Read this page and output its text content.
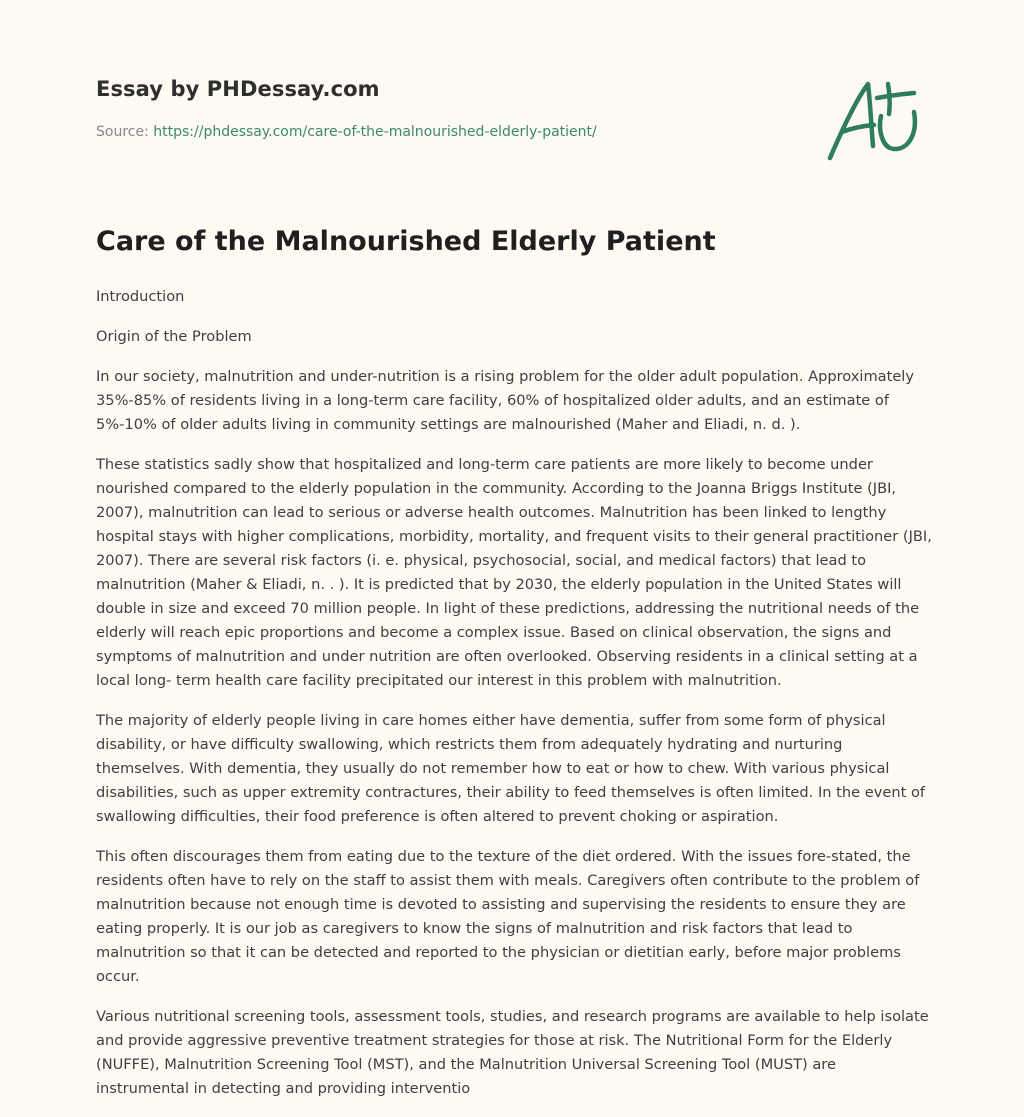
Essay by PHDessay.com
Source: https://phdessay.com/care-of-the-malnourished-elderly-patient/
Care of the Malnourished Elderly Patient

Introduction

Origin of the Problem

In our society, malnutrition and under-nutrition is a rising problem for the older adult population. Approximately 35%-85% of residents living in a long-term care facility, 60% of hospitalized older adults, and an estimate of 5%-10% of older adults living in community settings are malnourished (Maher and Eliadi, n. d. ).

These statistics sadly show that hospitalized and long-term care patients are more likely to become under nourished compared to the elderly population in the community. According to the Joanna Briggs Institute (JBI, 2007), malnutrition can lead to serious or adverse health outcomes. Malnutrition has been linked to lengthy hospital stays with higher complications, morbidity, mortality, and frequent visits to their general practitioner (JBI, 2007). There are several risk factors (i. e. physical, psychosocial, social, and medical factors) that lead to malnutrition (Maher & Eliadi, n. . ). It is predicted that by 2030, the elderly population in the United States will double in size and exceed 70 million people. In light of these predictions, addressing the nutritional needs of the elderly will reach epic proportions and become a complex issue. Based on clinical observation, the signs and symptoms of malnutrition and under nutrition are often overlooked. Observing residents in a clinical setting at a local long- term health care facility precipitated our interest in this problem with malnutrition.

The majority of elderly people living in care homes either have dementia, suffer from some form of physical disability, or have difficulty swallowing, which restricts them from adequately hydrating and nurturing themselves. With dementia, they usually do not remember how to eat or how to chew. With various physical disabilities, such as upper extremity contractures, their ability to feed themselves is often limited. In the event of swallowing difficulties, their food preference is often altered to prevent choking or aspiration.

This often discourages them from eating due to the texture of the diet ordered. With the issues fore-stated, the residents often have to rely on the staff to assist them with meals. Caregivers often contribute to the problem of malnutrition because not enough time is devoted to assisting and supervising the residents to ensure they are eating properly. It is our job as caregivers to know the signs of malnutrition and risk factors that lead to malnutrition so that it can be detected and reported to the physician or dietitian early, before major problems occur.

Various nutritional screening tools, assessment tools, studies, and research programs are available to help isolate and provide aggressive preventive treatment strategies for those at risk. The Nutritional Form for the Elderly (NUFFE), Malnutrition Screening Tool (MST), and the Malnutrition Universal Screening Tool (MUST) are instrumental in detecting and providing interventio
